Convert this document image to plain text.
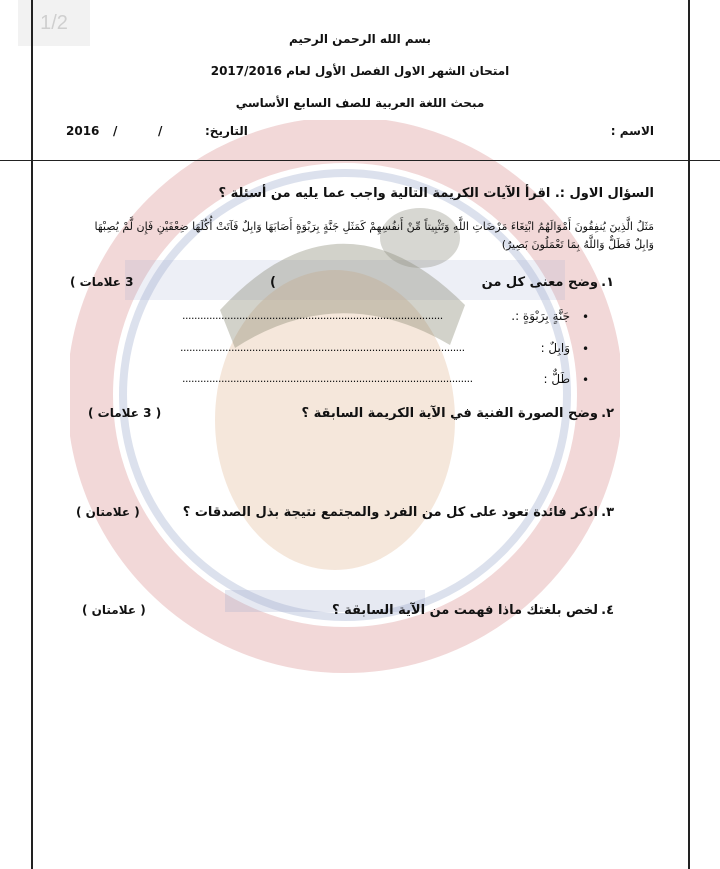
1/2
بسم الله الرحمن الرحيم
امتحان الشهر الاول الفصل الأول لعام 2017/2016
مبحث اللغة العربية للصف السابع الأساسي
الاسم :
التاريخ:
/
/
2016
السؤال الاول :. اقرأ الآيات الكريمة التالية واجب عما يليه من أسئلة ؟
مَثَلُ الَّذِينَ يُنفِقُونَ أَمْوَالَهُمُ ابْتِغَاءَ مَرْضَاتِ اللَّهِ وَتَثْبِيتاً مِّنْ أَنفُسِهِمْ كَمَثَلِ جَنَّةٍ بِرَبْوَةٍ أَصَابَهَا وَابِلٌ فَآتَتْ أُكُلَهَا ضِعْفَيْنِ فَإِن لَّمْ يُصِبْهَا
وَابِلٌ فَطَلٌّ وَاللَّهُ بِمَا تَعْمَلُونَ بَصِيرٌ)
١.
وضح معنى كل من
(
3 علامات )
•
جَنَّةٍ بِرَبْوَةٍ :.
.......................................................................................
•
وَابِلٌ :
...............................................................................................
•
طَلٌّ :
.................................................................................................
٢.
وضح الصورة الفنية في الآية الكريمة السابقة ؟
( 3 علامات )
٣.
اذكر فائدة تعود على كل من الفرد والمجتمع نتيجة بذل الصدقات ؟
( علامتان )
٤.
لخص بلغتك ماذا فهمت من الآية السابقة ؟
( علامتان )
